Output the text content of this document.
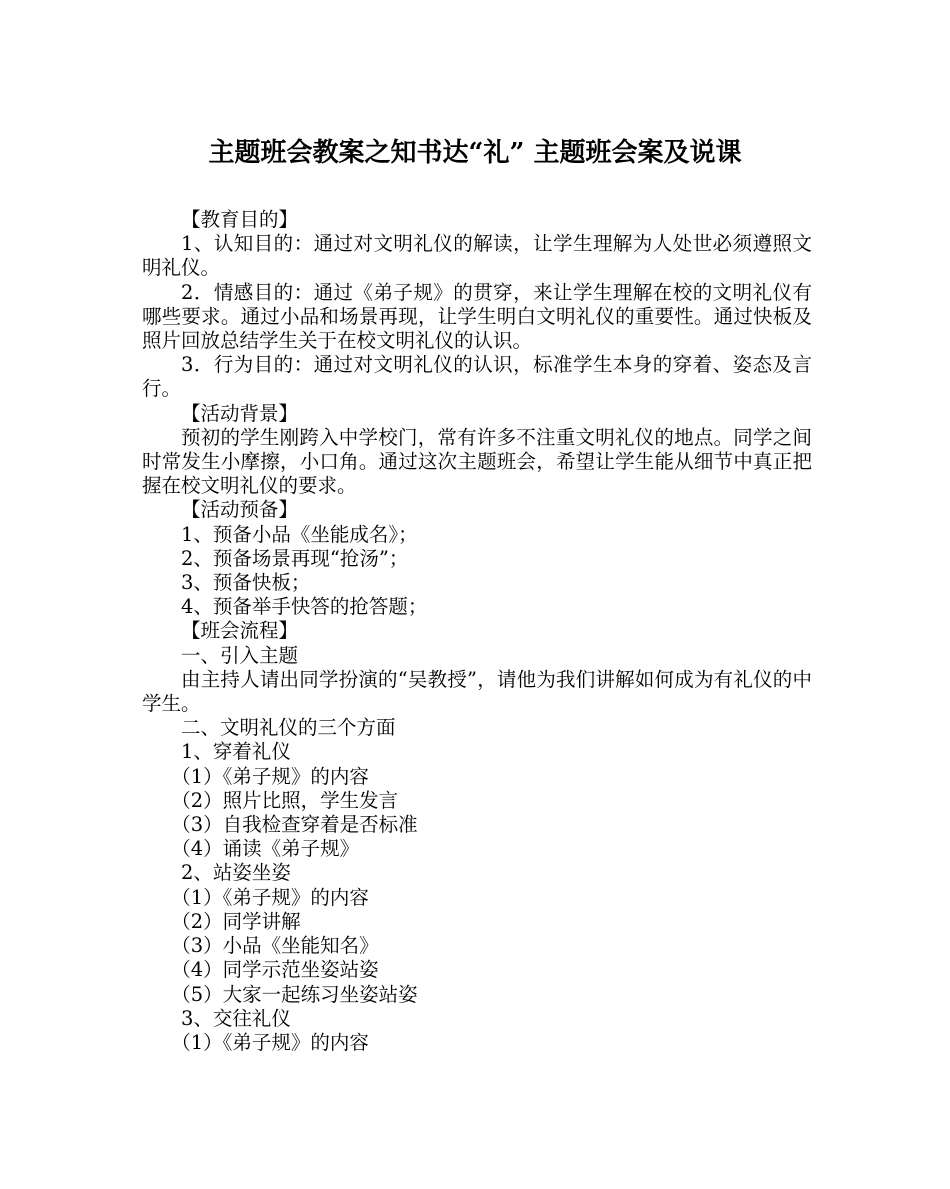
主题班会教案之知书达“礼” 主题班会案及说课

【教育目的】

1、认知目的：通过对文明礼仪的解读，让学生理解为人处世必须遵照文明礼仪。

2．情感目的：通过《弟子规》的贯穿，来让学生理解在校的文明礼仪有哪些要求。通过小品和场景再现，让学生明白文明礼仪的重要性。通过快板及照片回放总结学生关于在校文明礼仪的认识。

3．行为目的：通过对文明礼仪的认识，标准学生本身的穿着、姿态及言行。

【活动背景】

预初的学生刚跨入中学校门，常有许多不注重文明礼仪的地点。同学之间时常发生小摩擦，小口角。通过这次主题班会，希望让学生能从细节中真正把握在校文明礼仪的要求。

【活动预备】

1、预备小品《坐能成名》；

2、预备场景再现“抢汤”；

3、预备快板；

4、预备举手快答的抢答题；

【班会流程】

一、引入主题

由主持人请出同学扮演的“吴教授”，请他为我们讲解如何成为有礼仪的中学生。

二、文明礼仪的三个方面

1、穿着礼仪

（1）《弟子规》的内容

（2）照片比照，学生发言

（3）自我检查穿着是否标准

（4）诵读《弟子规》

2、站姿坐姿

（1）《弟子规》的内容

（2）同学讲解

（3）小品《坐能知名》

（4）同学示范坐姿站姿

（5）大家一起练习坐姿站姿

3、交往礼仪

（1）《弟子规》的内容
